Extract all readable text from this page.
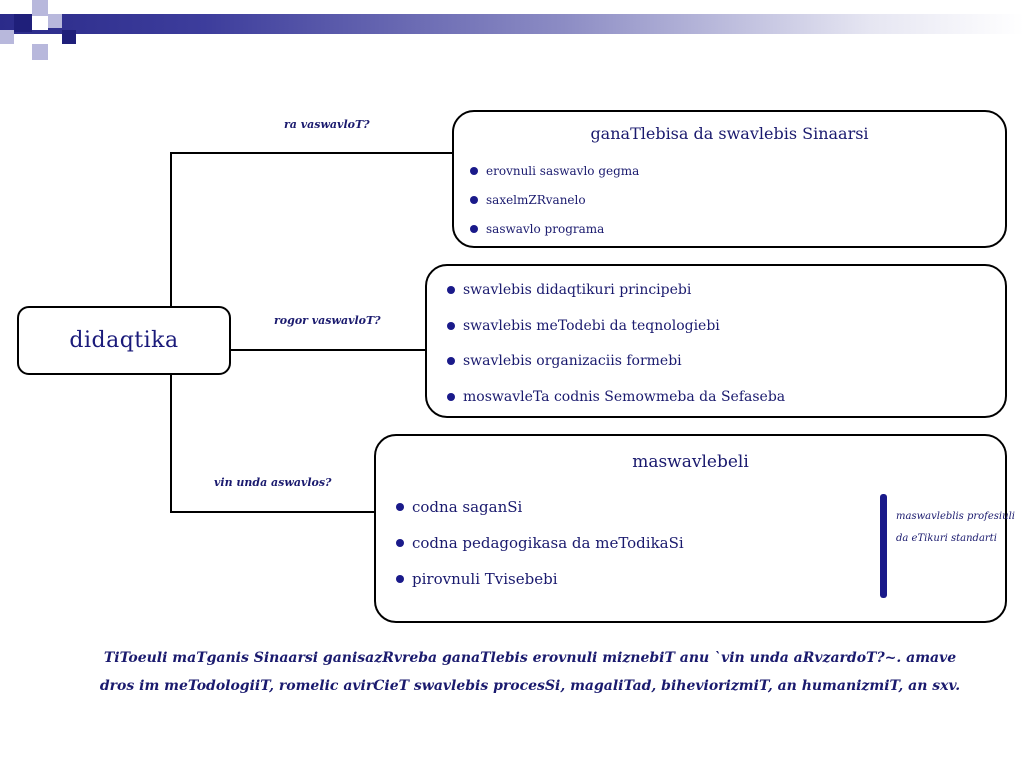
ra vaswavloT?
rogor vaswavloT?
vin unda aswavlos?
didaqtika
ganaTlebisa da swavlebis Sinaarsi
erovnuli saswavlo gegma
saxelmZRvanelo
saswavlo programa
swavlebis didaqtikuri principebi
swavlebis meTodebi da teqnologiebi
swavlebis organizaciis formebi
moswavleTa codnis Semowmeba da Sefaseba
maswavlebeli
codna saganSi
codna pedagogikasa da meTodikaSi
pirovnuli Tvisebebi
maswavleblis profesiuli da eTikuri standarti
TiToeuli maTganis Sinaarsi ganisazRvreba ganaTlebis erovnuli miznebiT anu `vin unda aRvzardoT?~. amave dros im meTodologiiT, romelic avirCieT swavlebis procesSi, magaliTad, biheviorizmiT, an humanizmiT, an sxv.
